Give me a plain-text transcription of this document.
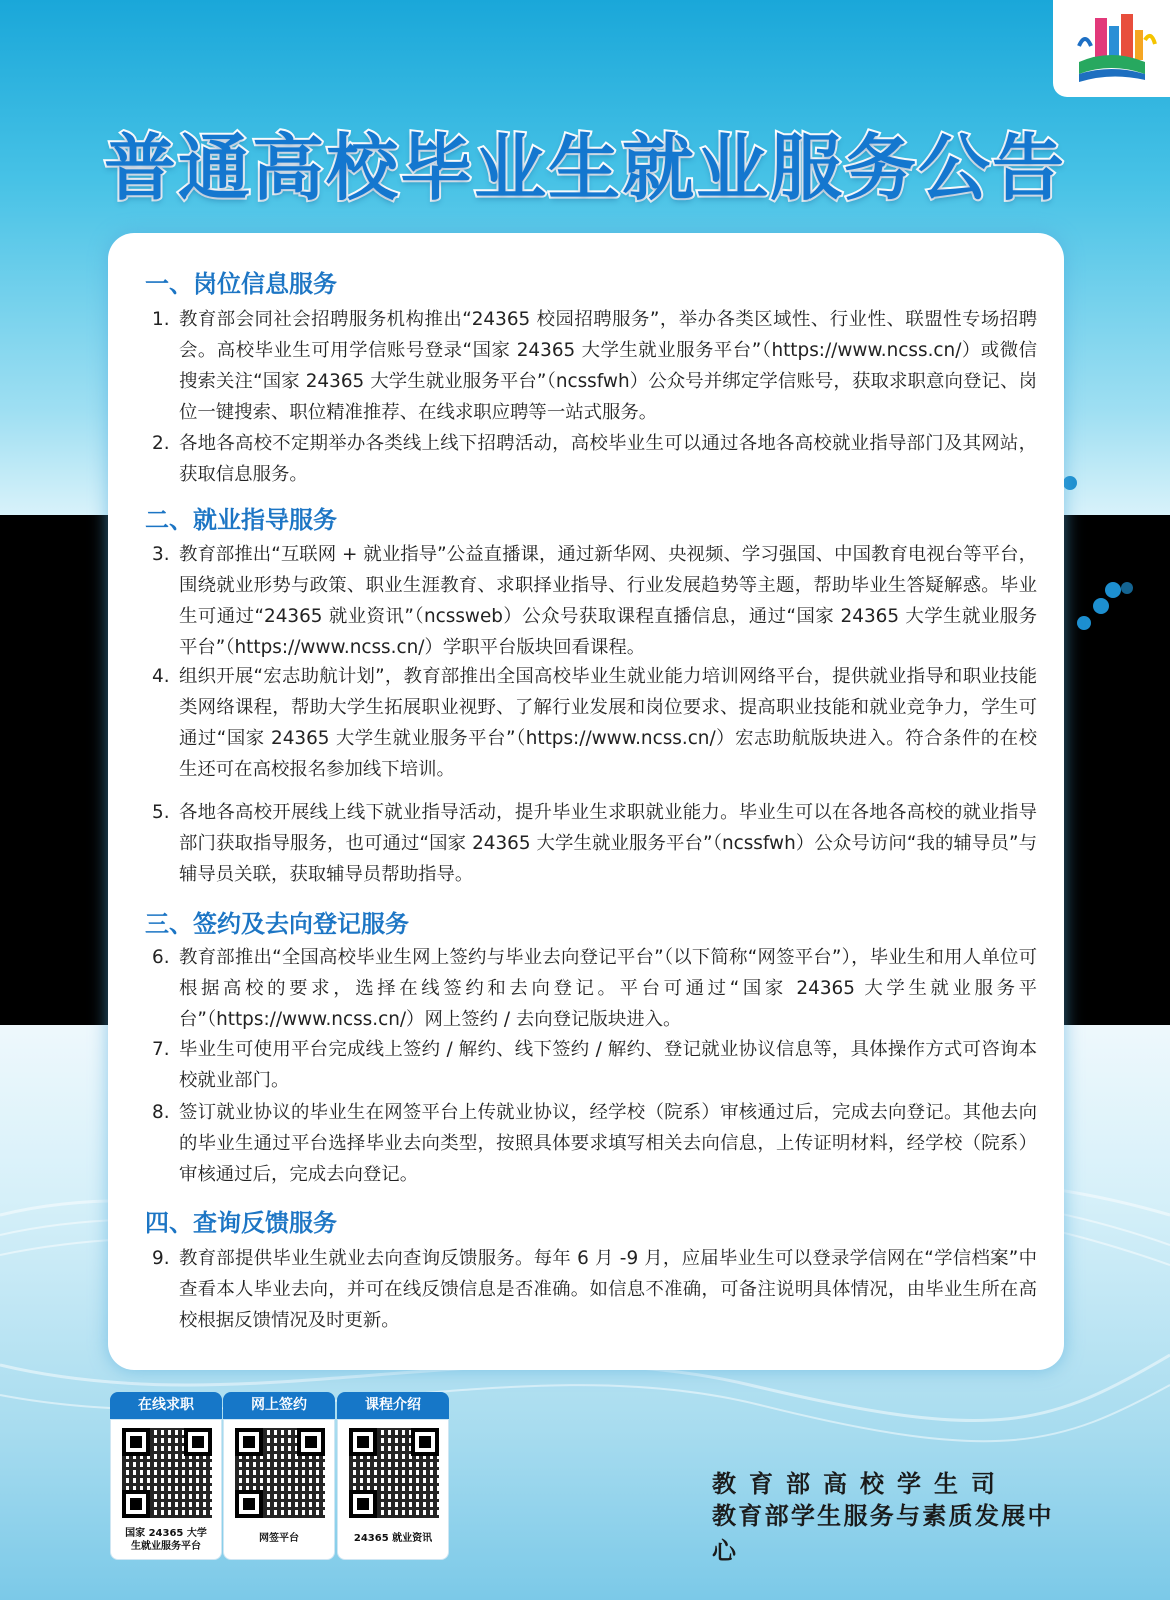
普通高校毕业生就业服务公告
一、岗位信息服务
1. 教育部会同社会招聘服务机构推出“24365 校园招聘服务”，举办各类区域性、行业性、联盟性专场招聘会。高校毕业生可用学信账号登录“国家 24365 大学生就业服务平台”（https://www.ncss.cn/）或微信搜索关注“国家 24365 大学生就业服务平台”（ncssfwh）公众号并绑定学信账号，获取求职意向登记、岗位一键搜索、职位精准推荐、在线求职应聘等一站式服务。
2. 各地各高校不定期举办各类线上线下招聘活动，高校毕业生可以通过各地各高校就业指导部门及其网站，获取信息服务。
二、就业指导服务
3. 教育部推出“互联网 + 就业指导”公益直播课，通过新华网、央视频、学习强国、中国教育电视台等平台，围绕就业形势与政策、职业生涯教育、求职择业指导、行业发展趋势等主题，帮助毕业生答疑解惑。毕业生可通过“24365 就业资讯”（ncssweb）公众号获取课程直播信息，通过“国家 24365 大学生就业服务平台”（https://www.ncss.cn/）学职平台版块回看课程。
4. 组织开展“宏志助航计划”，教育部推出全国高校毕业生就业能力培训网络平台，提供就业指导和职业技能类网络课程，帮助大学生拓展职业视野、了解行业发展和岗位要求、提高职业技能和就业竞争力，学生可通过“国家 24365 大学生就业服务平台”（https://www.ncss.cn/）宏志助航版块进入。符合条件的在校生还可在高校报名参加线下培训。
5. 各地各高校开展线上线下就业指导活动，提升毕业生求职就业能力。毕业生可以在各地各高校的就业指导部门获取指导服务，也可通过“国家 24365 大学生就业服务平台”（ncssfwh）公众号访问“我的辅导员”与辅导员关联，获取辅导员帮助指导。
三、签约及去向登记服务
6. 教育部推出“全国高校毕业生网上签约与毕业去向登记平台”（以下简称“网签平台”），毕业生和用人单位可根据高校的要求，选择在线签约和去向登记。平台可通过“国家 24365 大学生就业服务平台”（https://www.ncss.cn/）网上签约 / 去向登记版块进入。
7. 毕业生可使用平台完成线上签约 / 解约、线下签约 / 解约、登记就业协议信息等，具体操作方式可咨询本校就业部门。
8. 签订就业协议的毕业生在网签平台上传就业协议，经学校（院系）审核通过后，完成去向登记。其他去向的毕业生通过平台选择毕业去向类型，按照具体要求填写相关去向信息，上传证明材料，经学校（院系）审核通过后，完成去向登记。
四、查询反馈服务
9. 教育部提供毕业生就业去向查询反馈服务。每年 6 月 -9 月，应届毕业生可以登录学信网在“学信档案”中查看本人毕业去向，并可在线反馈信息是否准确。如信息不准确，可备注说明具体情况，由毕业生所在高校根据反馈情况及时更新。
在线求职
国家 24365 大学
生就业服务平台
网上签约
网签平台
课程介绍
24365 就业资讯
教育部高校学生司
教育部学生服务与素质发展中心
